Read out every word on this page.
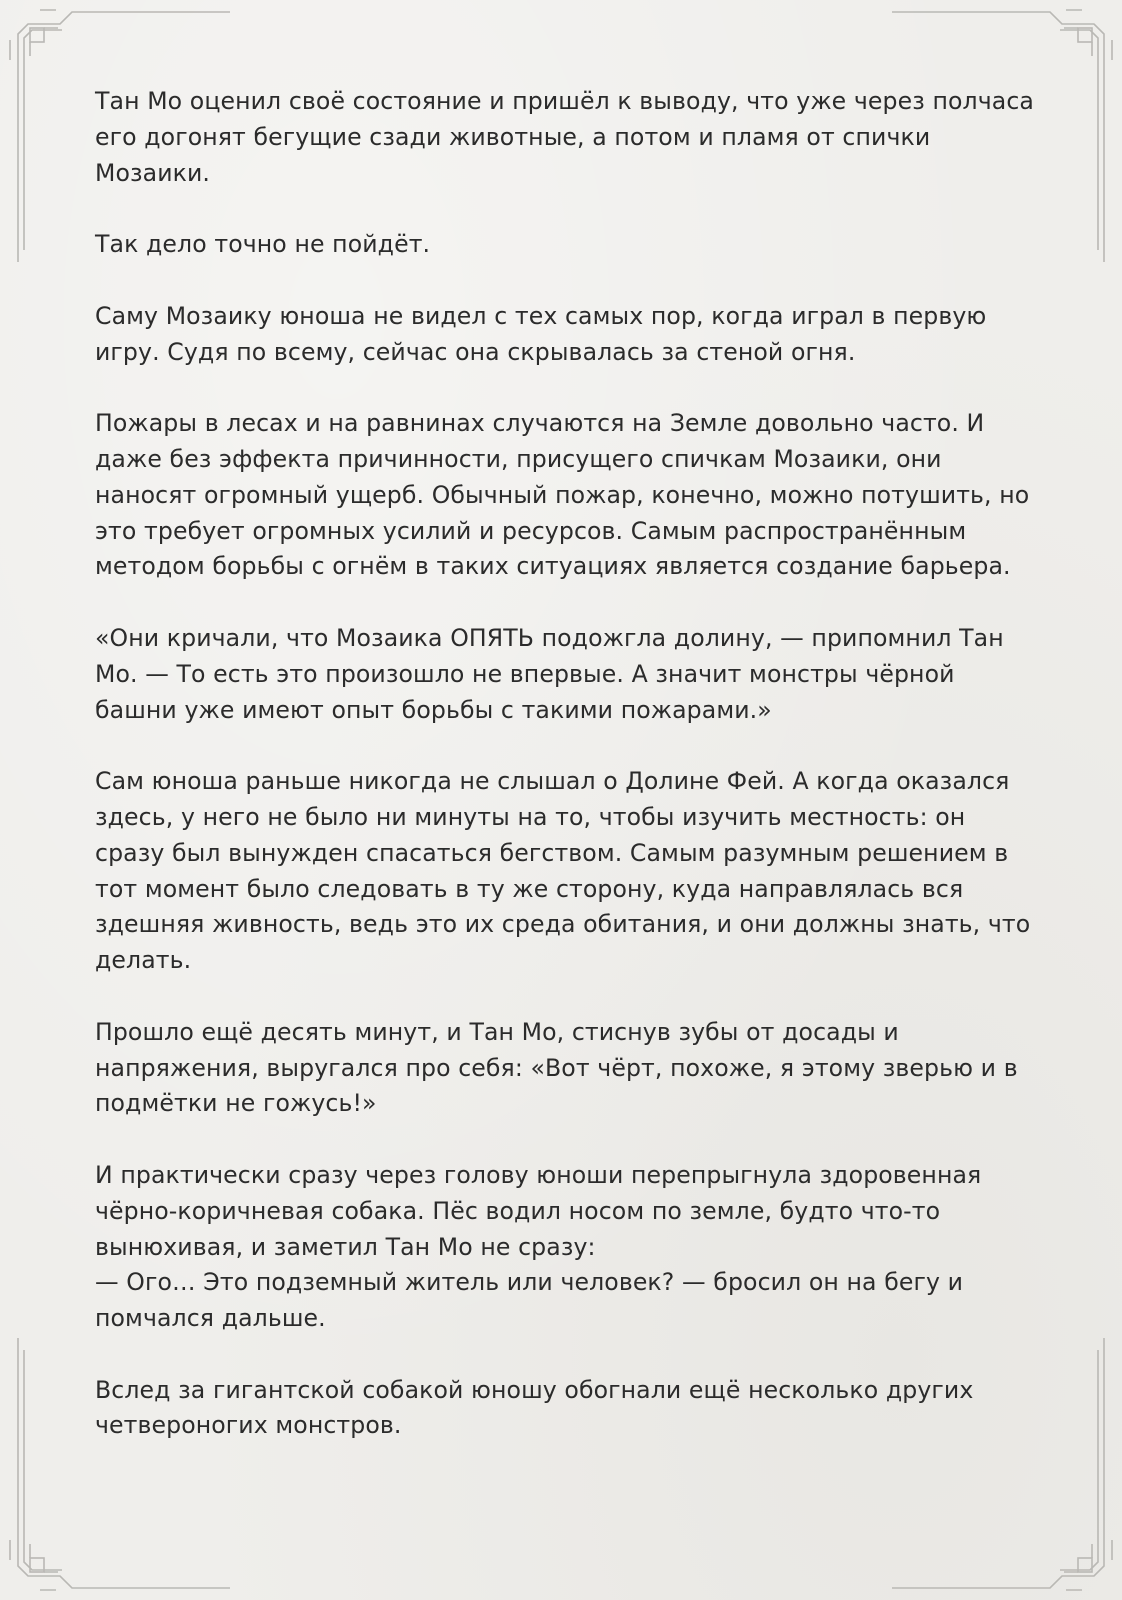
Тан Мо оценил своё состояние и пришёл к выводу, что уже через полчаса его догонят бегущие сзади животные, а потом и пламя от спички Мозаики.

Так дело точно не пойдёт.

Саму Мозаику юноша не видел с тех самых пор, когда играл в первую игру. Судя по всему, сейчас она скрывалась за стеной огня.

Пожары в лесах и на равнинах случаются на Земле довольно часто. И даже без эффекта причинности, присущего спичкам Мозаики, они наносят огромный ущерб. Обычный пожар, конечно, можно потушить, но это требует огромных усилий и ресурсов. Самым распространённым методом борьбы с огнём в таких ситуациях является создание барьера.

«Они кричали, что Мозаика ОПЯТЬ подожгла долину, — припомнил Тан Мо. — То есть это произошло не впервые. А значит монстры чёрной башни уже имеют опыт борьбы с такими пожарами.»

Сам юноша раньше никогда не слышал о Долине Фей. А когда оказался здесь, у него не было ни минуты на то, чтобы изучить местность: он сразу был вынужден спасаться бегством. Самым разумным решением в тот момент было следовать в ту же сторону, куда направлялась вся здешняя живность, ведь это их среда обитания, и они должны знать, что делать.

Прошло ещё десять минут, и Тан Мо, стиснув зубы от досады и напряжения, выругался про себя: «Вот чёрт, похоже, я этому зверью и в подмётки не гожусь!»

И практически сразу через голову юноши перепрыгнула здоровенная чёрно-коричневая собака. Пёс водил носом по земле, будто что-то вынюхивая, и заметил Тан Мо не сразу:
— Ого… Это подземный житель или человек? — бросил он на бегу и помчался дальше.

Вслед за гигантской собакой юношу обогнали ещё несколько других четвероногих монстров.
